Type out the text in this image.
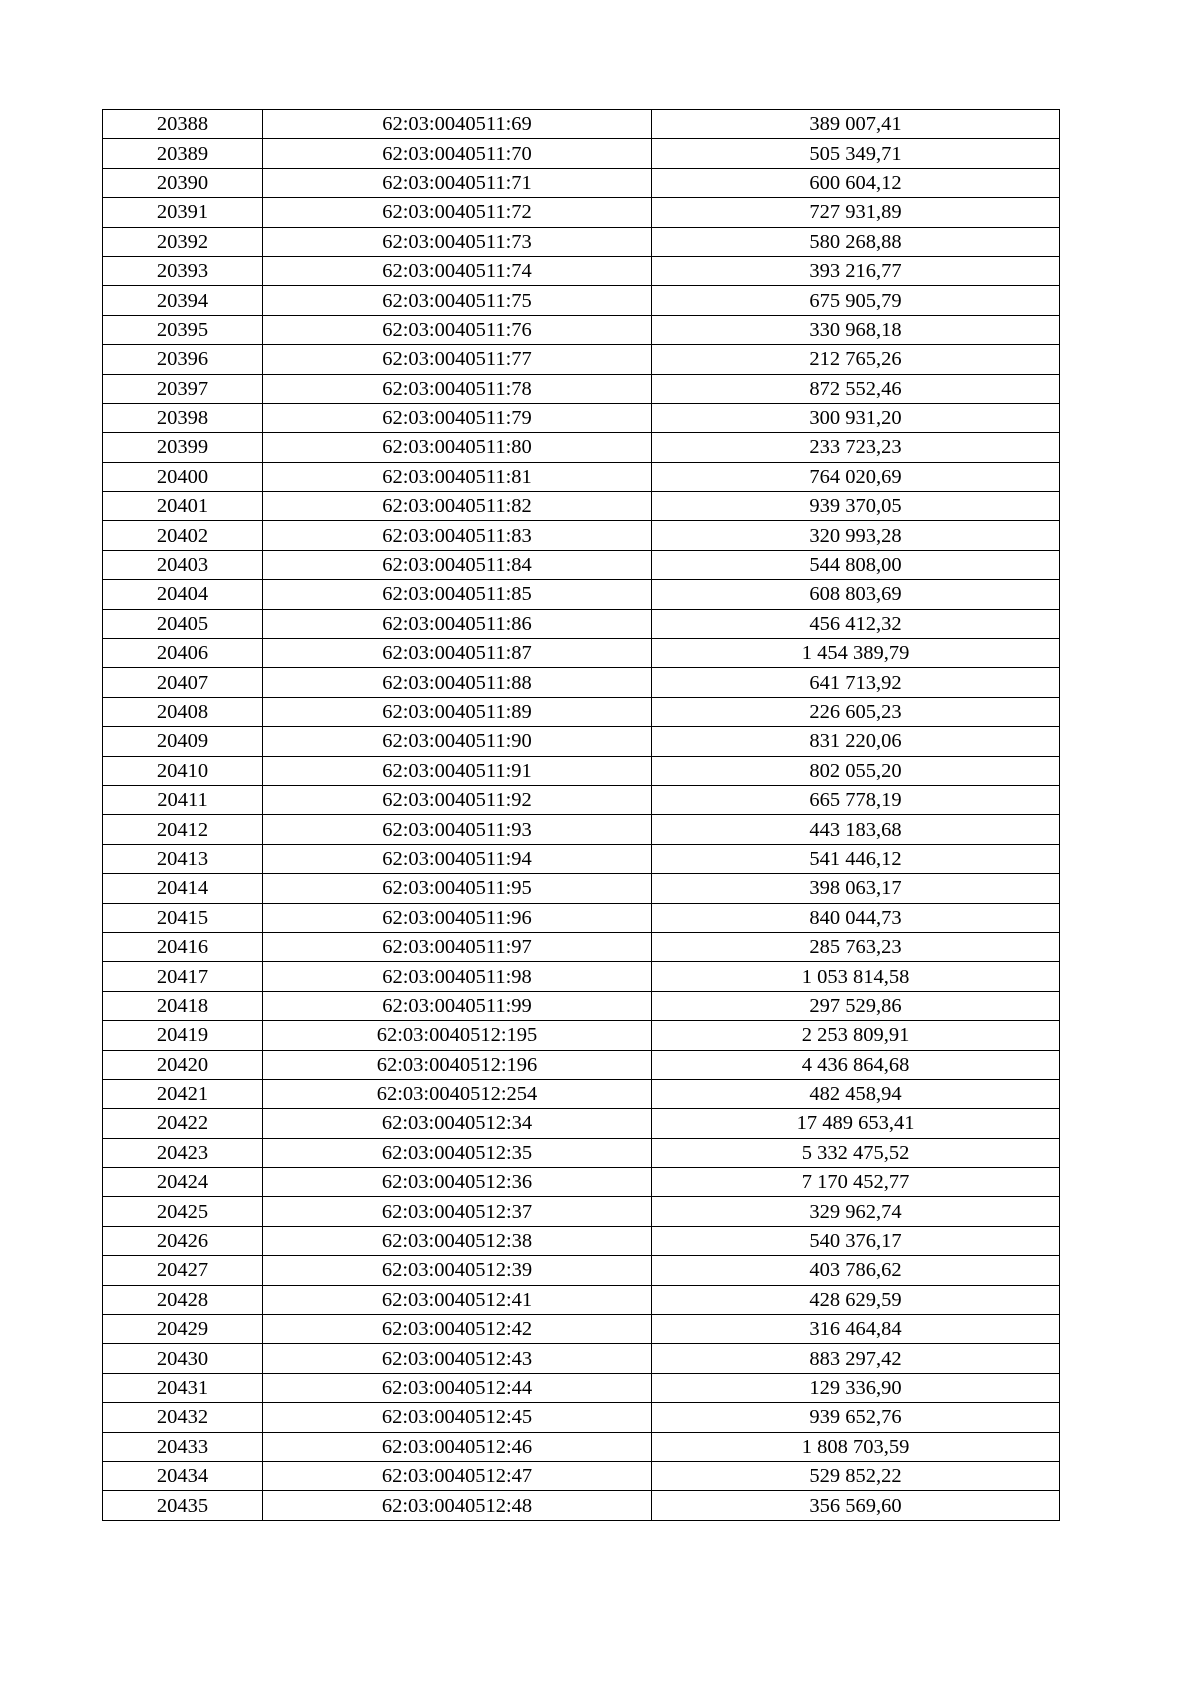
20388	62:03:0040511:69	389 007,41
20389	62:03:0040511:70	505 349,71
20390	62:03:0040511:71	600 604,12
20391	62:03:0040511:72	727 931,89
20392	62:03:0040511:73	580 268,88
20393	62:03:0040511:74	393 216,77
20394	62:03:0040511:75	675 905,79
20395	62:03:0040511:76	330 968,18
20396	62:03:0040511:77	212 765,26
20397	62:03:0040511:78	872 552,46
20398	62:03:0040511:79	300 931,20
20399	62:03:0040511:80	233 723,23
20400	62:03:0040511:81	764 020,69
20401	62:03:0040511:82	939 370,05
20402	62:03:0040511:83	320 993,28
20403	62:03:0040511:84	544 808,00
20404	62:03:0040511:85	608 803,69
20405	62:03:0040511:86	456 412,32
20406	62:03:0040511:87	1 454 389,79
20407	62:03:0040511:88	641 713,92
20408	62:03:0040511:89	226 605,23
20409	62:03:0040511:90	831 220,06
20410	62:03:0040511:91	802 055,20
20411	62:03:0040511:92	665 778,19
20412	62:03:0040511:93	443 183,68
20413	62:03:0040511:94	541 446,12
20414	62:03:0040511:95	398 063,17
20415	62:03:0040511:96	840 044,73
20416	62:03:0040511:97	285 763,23
20417	62:03:0040511:98	1 053 814,58
20418	62:03:0040511:99	297 529,86
20419	62:03:0040512:195	2 253 809,91
20420	62:03:0040512:196	4 436 864,68
20421	62:03:0040512:254	482 458,94
20422	62:03:0040512:34	17 489 653,41
20423	62:03:0040512:35	5 332 475,52
20424	62:03:0040512:36	7 170 452,77
20425	62:03:0040512:37	329 962,74
20426	62:03:0040512:38	540 376,17
20427	62:03:0040512:39	403 786,62
20428	62:03:0040512:41	428 629,59
20429	62:03:0040512:42	316 464,84
20430	62:03:0040512:43	883 297,42
20431	62:03:0040512:44	129 336,90
20432	62:03:0040512:45	939 652,76
20433	62:03:0040512:46	1 808 703,59
20434	62:03:0040512:47	529 852,22
20435	62:03:0040512:48	356 569,60
